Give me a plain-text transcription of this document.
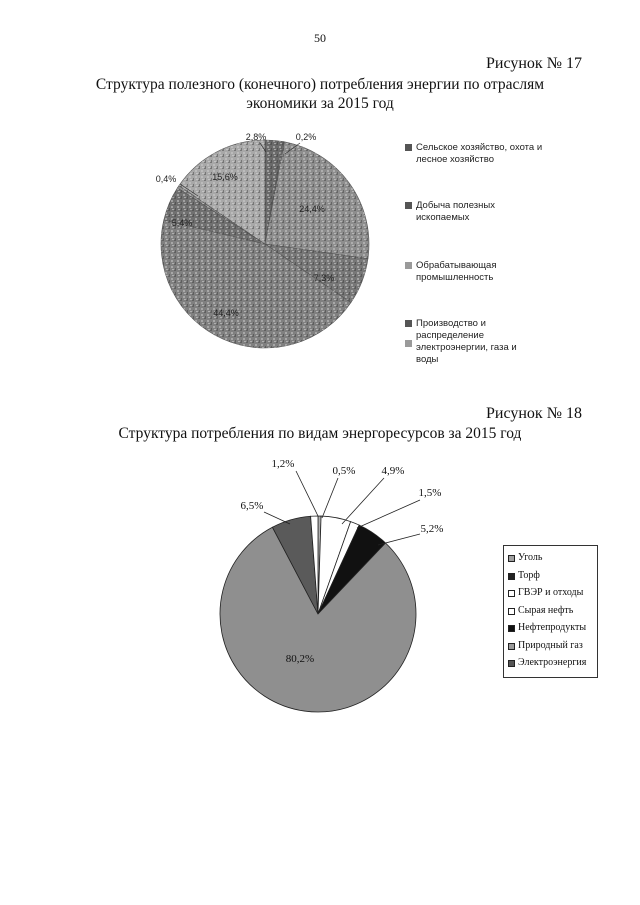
50
Рисунок № 17
Структура полезного (конечного) потребления энергии по отраслям
экономики за 2015 год
2,8%	0,2%
24,4%
7,3%
44,4%
5,4%
0,4%	15,6%
Сельское хозяйство, охота и
лесное хозяйство
Добыча полезных
ископаемых
Обрабатывающая
промышленность
Производство и
распределение
электроэнергии, газа и
воды
Рисунок № 18
Структура потребления по видам энергоресурсов за 2015 год
0,5% 4,9%
1,5%
5,2%
80,2%
6,5%
1,2%
Уголь
Торф
ГВЭР и отходы
Сырая нефть
Нефтепродукты
Природный газ
Электроэнергия
